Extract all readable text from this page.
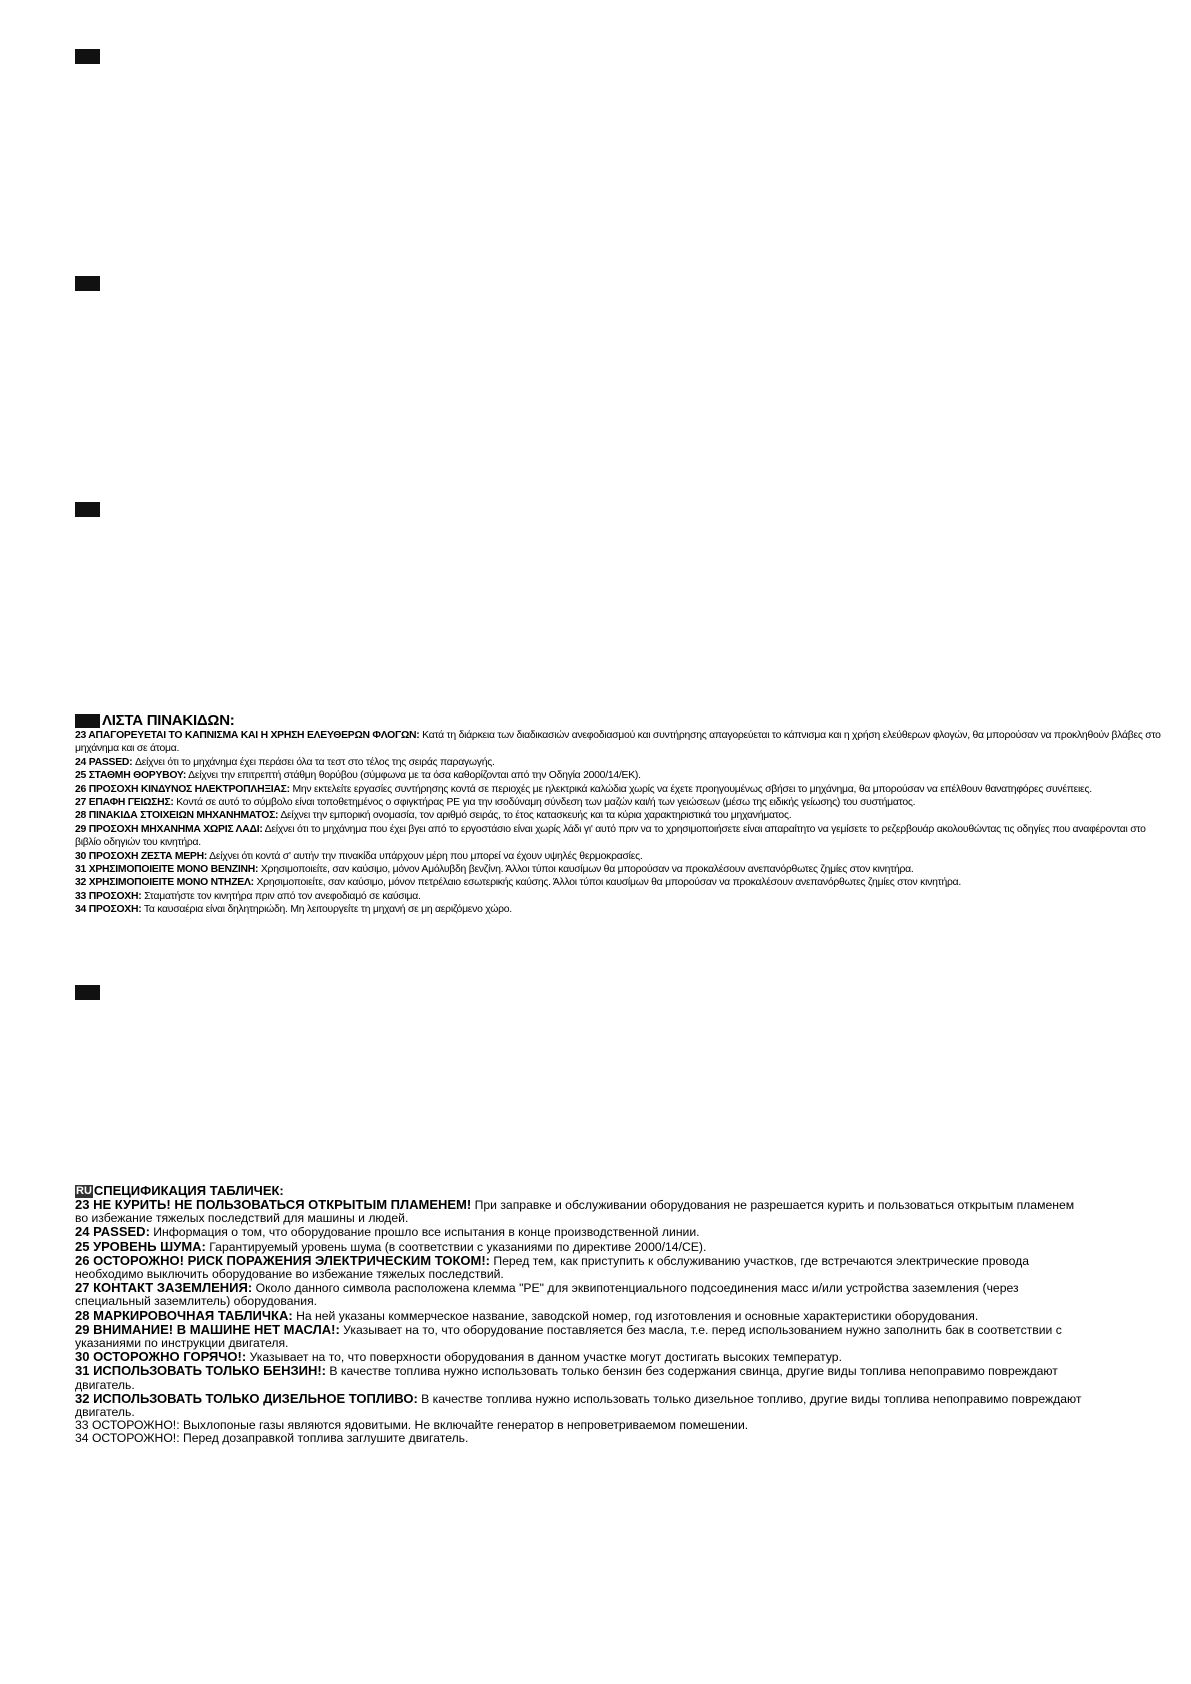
ΛΙΣΤΑ ΠΙΝΑΚΙΔΩΝ:

23 ΑΠΑΓΟΡΕΥΕΤΑΙ ΤΟ ΚΑΠΝΙΣΜΑ ΚΑΙ Η ΧΡΗΣΗ ΕΛΕΥΘΕΡΩΝ ΦΛΟΓΩΝ: Κατά τη διάρκεια των διαδικασιών ανεφοδιασμού και συντήρησης απαγορεύεται το κάπνισμα και η χρήση ελεύθερων φλογών, θα μπορούσαν να προκληθούν βλάβες στο μηχάνημα και σε άτομα.

24 PASSED: Δείχνει ότι το μηχάνημα έχει περάσει όλα τα τεστ στο τέλος της σειράς παραγωγής.

25 ΣΤΑΘΜΗ ΘΟΡΥΒΟΥ: Δείχνει την επιτρεπτή στάθμη θορύβου (σύμφωνα με τα όσα καθορίζονται από την Οδηγία 2000/14/ΕΚ).

26 ΠΡΟΣΟΧΗ ΚΙΝΔΥΝΟΣ ΗΛΕΚΤΡΟΠΛΗΞΙΑΣ: Μην εκτελείτε εργασίες συντήρησης κοντά σε περιοχές με ηλεκτρικά καλώδια χωρίς να έχετε προηγουμένως σβήσει το μηχάνημα, θα μπορούσαν να επέλθουν θανατηφόρες συνέπειες.

27 ΕΠΑΦΗ ΓΕΙΩΣΗΣ: Κοντά σε αυτό το σύμβολο είναι τοποθετημένος ο σφιγκτήρας PE για την ισοδύναμη σύνδεση των μαζών και/ή των γειώσεων (μέσω της ειδικής γείωσης) του συστήματος.

28 ΠΙΝΑΚΙΔΑ ΣΤΟΙΧΕΙΩΝ ΜΗΧΑΝΗΜΑΤΟΣ: Δείχνει την εμπορική ονομασία, τον αριθμό σειράς, το έτος κατασκευής και τα κύρια χαρακτηριστικά του μηχανήματος.

29 ΠΡΟΣΟΧΗ ΜΗΧΑΝΗΜΑ ΧΩΡΙΣ ΛΑΔΙ: Δείχνει ότι το μηχάνημα που έχει βγει από το εργοστάσιο είναι χωρίς λάδι γι' αυτό πριν να το χρησιμοποιήσετε είναι απαραίτητο να γεμίσετε το ρεζερβουάρ ακολουθώντας τις οδηγίες που αναφέρονται στο βιβλίο οδηγιών του κινητήρα.

30 ΠΡΟΣΟΧΗ ΖΕΣΤΑ ΜΕΡΗ: Δείχνει ότι κοντά σ' αυτήν την πινακίδα υπάρχουν μέρη που μπορεί να έχουν υψηλές θερμοκρασίες.

31 ΧΡΗΣΙΜΟΠΟΙΕΙΤΕ ΜΟΝΟ ΒΕΝΖΙΝΗ: Χρησιμοποιείτε, σαν καύσιμο, μόνον Αμόλυβδη βενζίνη. Άλλοι τύποι καυσίμων θα μπορούσαν να προκαλέσουν ανεπανόρθωτες ζημίες στον κινητήρα.

32 ΧΡΗΣΙΜΟΠΟΙΕΙΤΕ ΜΟΝΟ ΝΤΗΖΕΛ: Χρησιμοποιείτε, σαν καύσιμο, μόνον πετρέλαιο εσωτερικής καύσης. Άλλοι τύποι καυσίμων θα μπορούσαν να προκαλέσουν ανεπανόρθωτες ζημίες στον κινητήρα.

33 ΠΡΟΣΟΧΗ: Σταματήστε τον κινητήρα πριν από τον ανεφοδιαμό σε καύσιμα.

34 ΠΡΟΣΟΧΗ: Τα καυσαέρια είναι δηλητηριώδη. Μη λειτουργείτε τη μηχανή σε μη αεριζόμενο χώρο.

RU СПЕЦИФИКАЦИЯ ТАБЛИЧЕК:

23 НЕ КУРИТЬ! НЕ ПОЛЬЗОВАТЬСЯ ОТКРЫТЫМ ПЛАМЕНЕМ! При заправке и обслуживании оборудования не разрешается курить и пользоваться открытым пламенем во избежание тяжелых последствий для машины и людей.

24 PASSED: Информация о том, что оборудование прошло все испытания в конце производственной линии.

25 УРОВЕНЬ ШУМА: Гарантируемый уровень шума (в соответствии с указаниями по директиве 2000/14/CE).

26 ОСТОРОЖНО! РИСК ПОРАЖЕНИЯ ЭЛЕКТРИЧЕСКИМ ТОКОМ!: Перед тем, как приступить к обслуживанию участков, где встречаются электрические провода необходимо выключить оборудование во избежание тяжелых последствий.

27 КОНТАКТ ЗАЗЕМЛЕНИЯ: Около данного символа расположена клемма "PE" для эквипотенциального подсоединения масс и/или устройства заземления (через специальный заземлитель) оборудования.

28 МАРКИРОВОЧНАЯ ТАБЛИЧКА: На ней указаны коммерческое название, заводской номер, год изготовления и основные характеристики оборудования.

29 ВНИМАНИЕ! В МАШИНЕ НЕТ МАСЛА!: Указывает на то, что оборудование поставляется без масла, т.е. перед использованием нужно заполнить бак в соответствии с указаниями по инструкции двигателя.

30 ОСТОРОЖНО ГОРЯЧО!: Указывает на то, что поверхности оборудования в данном участке могут достигать высоких температур.

31 ИСПОЛЬЗОВАТЬ ТОЛЬКО БЕНЗИН!: В качестве топлива нужно использовать только бензин без содержания свинца, другие виды топлива непоправимо повреждают двигатель.

32 ИСПОЛЬЗОВАТЬ ТОЛЬКО ДИЗЕЛЬНОЕ ТОПЛИВО: В качестве топлива нужно использовать только дизельное топливо, другие виды топлива непоправимо повреждают двигатель.

33 ОСТОРОЖНО!: Выхлопоные газы являются ядовитыми. Не включайте генератор в непроветриваемом помешении.

34 ОСТОРОЖНО!: Перед дозаправкой топлива заглушите двигатель.
